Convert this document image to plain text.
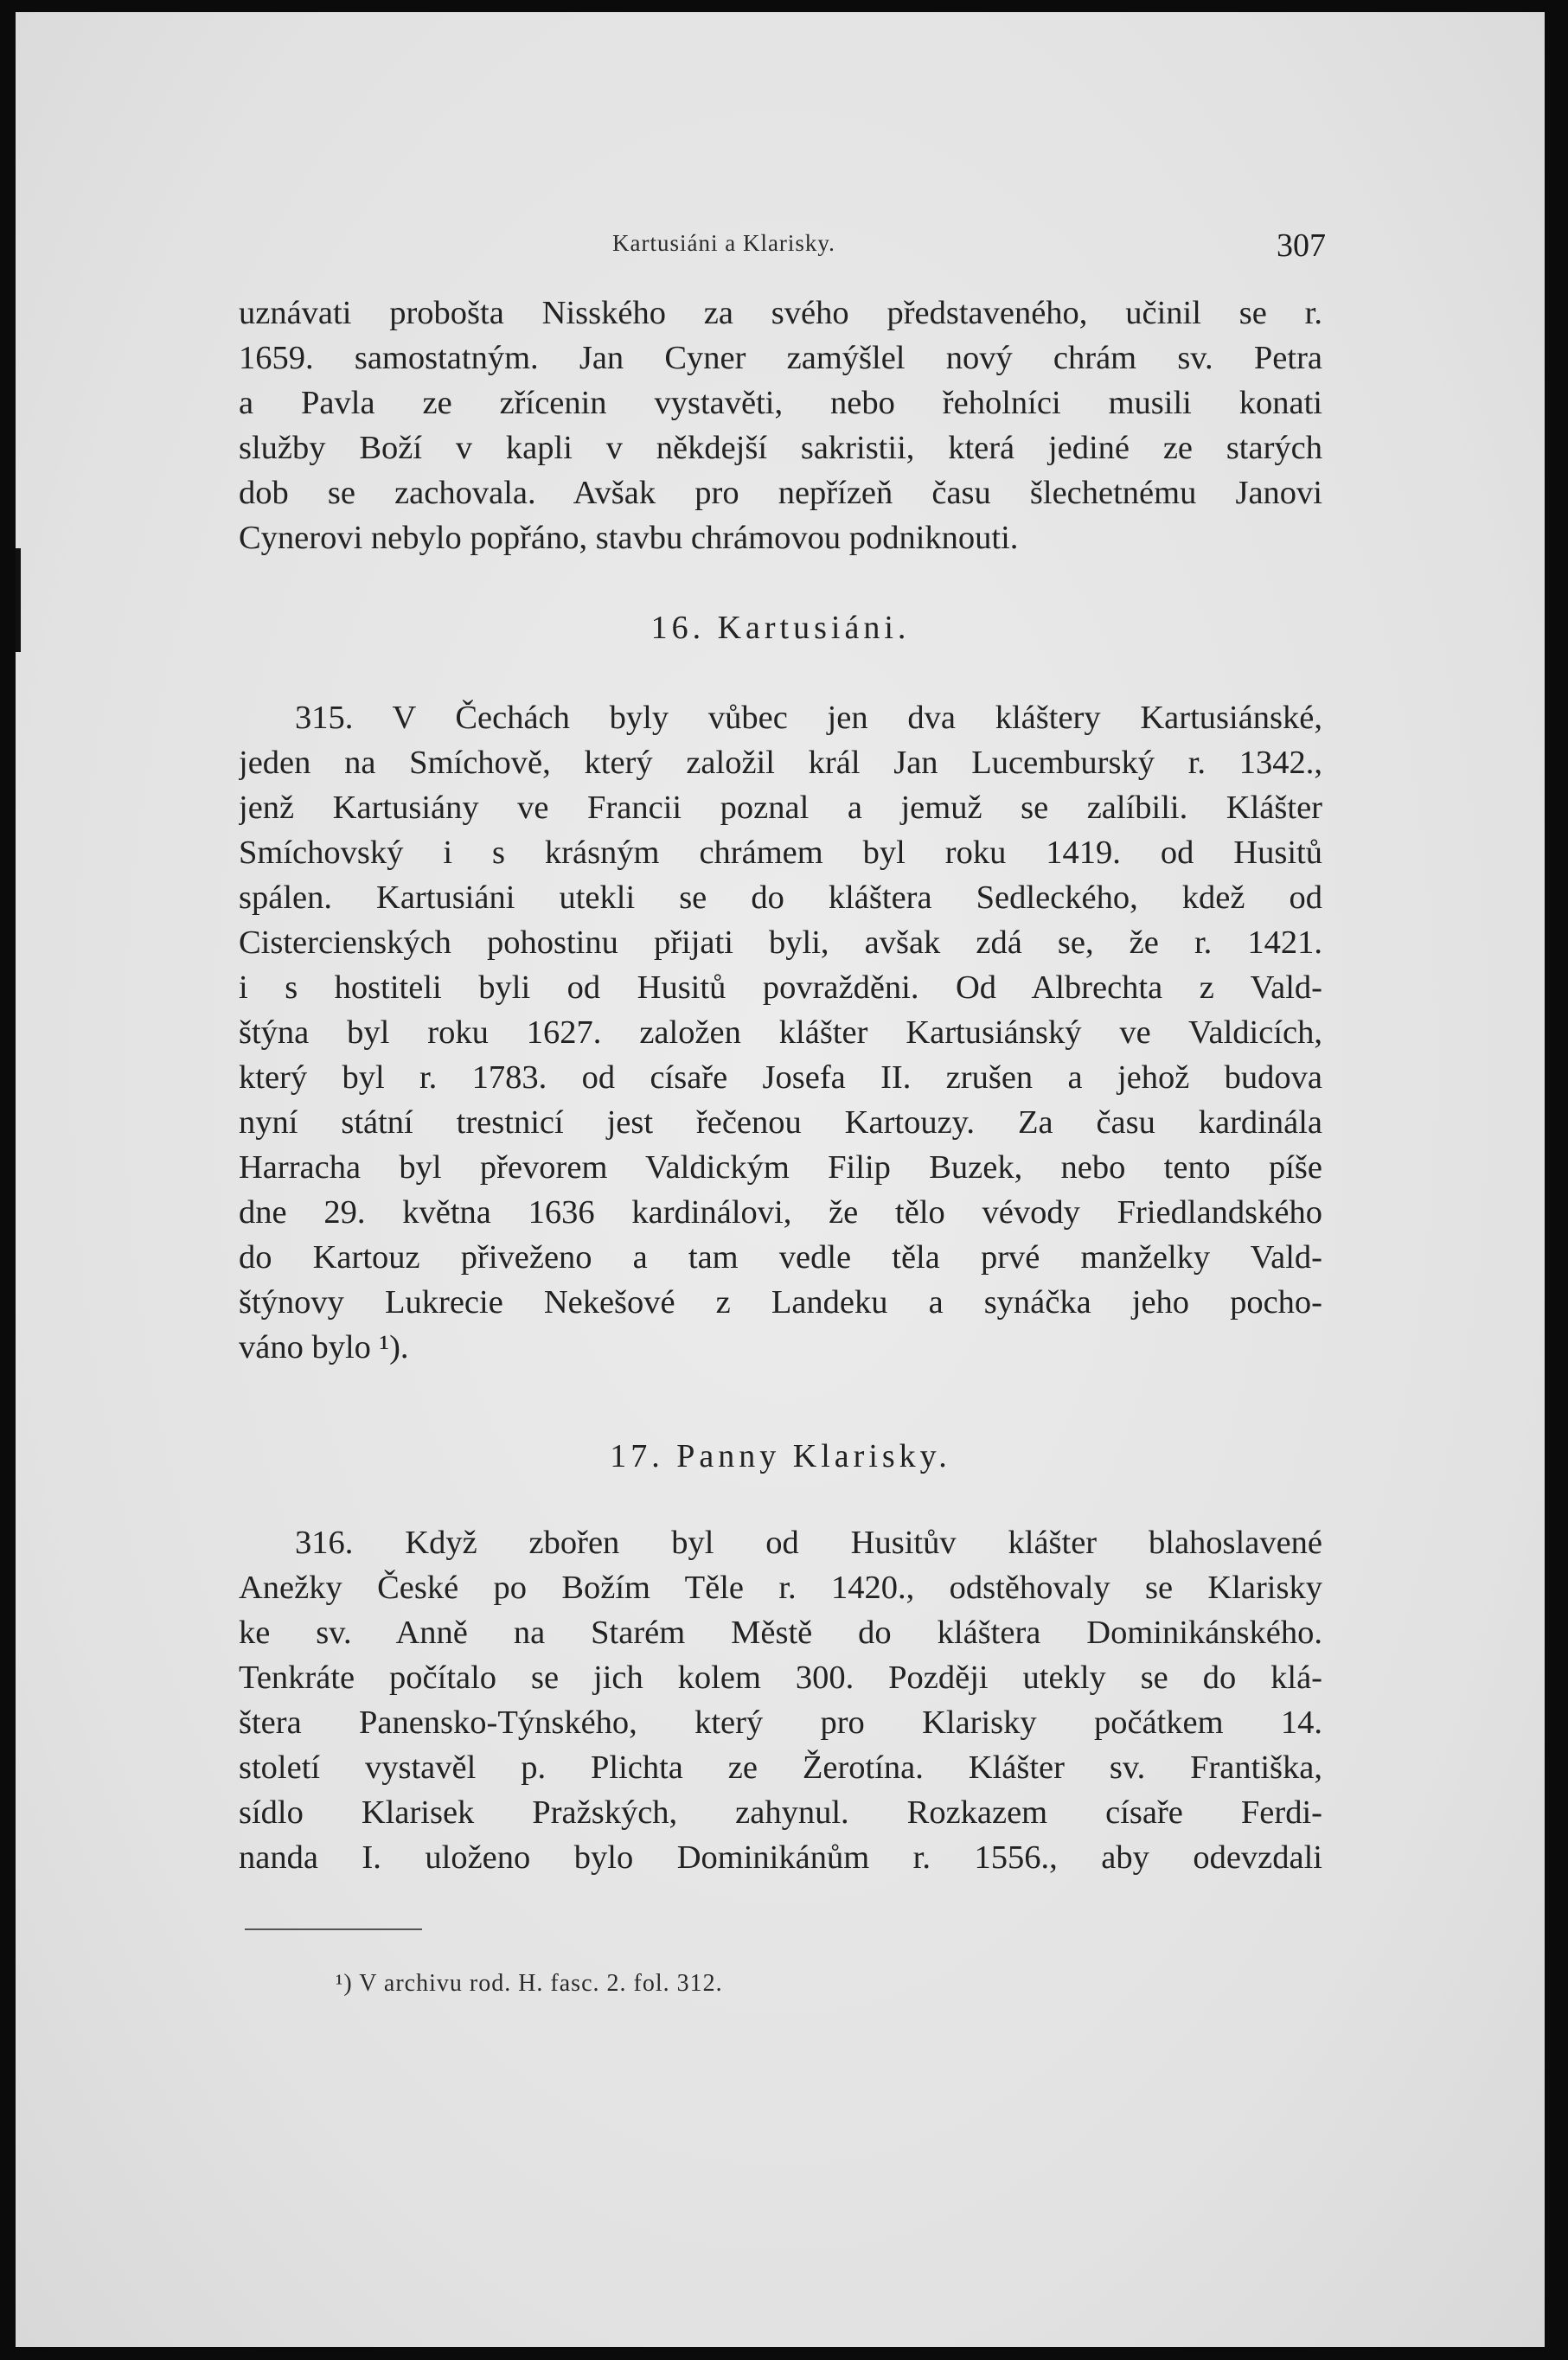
Kartusiáni a Klarisky.	307
uznávati probošta Nisského za svého představeného, učinil se r.
1659. samostatným. Jan Cyner zamýšlel nový chrám sv. Petra
a Pavla ze zřícenin vystavěti, nebo řeholníci musili konati
služby Boží v kapli v někdejší sakristii, která jediné ze starých
dob se zachovala. Avšak pro nepřízeň času šlechetnému Janovi
Cynerovi nebylo popřáno, stavbu chrámovou podniknouti.
16. Kartusiáni.
315. V Čechách byly vůbec jen dva kláštery Kartusiánské,
jeden na Smíchově, který založil král Jan Lucemburský r. 1342.,
jenž Kartusiány ve Francii poznal a jemuž se zalíbili. Klášter
Smíchovský i s krásným chrámem byl roku 1419. od Husitů
spálen. Kartusiáni utekli se do kláštera Sedleckého, kdež od
Cistercienských pohostinu přijati byli, avšak zdá se, že r. 1421.
i s hostiteli byli od Husitů povražděni. Od Albrechta z Vald-
štýna byl roku 1627. založen klášter Kartusiánský ve Valdicích,
který byl r. 1783. od císaře Josefa II. zrušen a jehož budova
nyní státní trestnicí jest řečenou Kartouzy. Za času kardinála
Harracha byl převorem Valdickým Filip Buzek, nebo tento píše
dne 29. května 1636 kardinálovi, že tělo vévody Friedlandského
do Kartouz přiveženo a tam vedle těla prvé manželky Vald-
štýnovy Lukrecie Nekešové z Landeku a synáčka jeho pocho-
váno bylo ¹).
17. Panny Klarisky.
316. Když zbořen byl od Husitův klášter blahoslavené
Anežky České po Božím Těle r. 1420., odstěhovaly se Klarisky
ke sv. Anně na Starém Městě do kláštera Dominikánského.
Tenkráte počítalo se jich kolem 300. Později utekly se do klá-
štera Panensko-Týnského, který pro Klarisky počátkem 14.
století vystavěl p. Plichta ze Žerotína. Klášter sv. Františka,
sídlo Klarisek Pražských, zahynul. Rozkazem císaře Ferdi-
nanda I. uloženo bylo Dominikánům r. 1556., aby odevzdali
¹) V archivu rod. H. fasc. 2. fol. 312.
